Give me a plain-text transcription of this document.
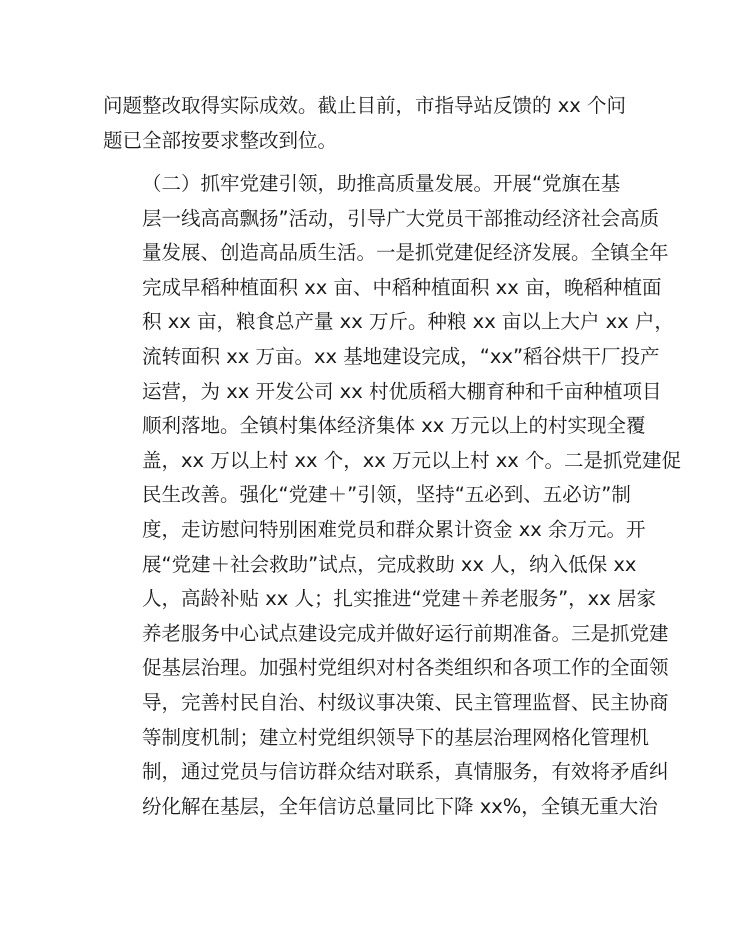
问题整改取得实际成效。截止目前，市指导站反馈的 xx 个问
题已全部按要求整改到位。
（二）抓牢党建引领，助推高质量发展。开展“党旗在基
层一线高高飘扬”活动，引导广大党员干部推动经济社会高质
量发展、创造高品质生活。一是抓党建促经济发展。全镇全年
完成早稻种植面积 xx 亩、中稻种植面积 xx 亩，晚稻种植面
积 xx 亩，粮食总产量 xx 万斤。种粮 xx 亩以上大户 xx 户，
流转面积 xx 万亩。xx 基地建设完成，“xx”稻谷烘干厂投产
运营，为 xx 开发公司 xx 村优质稻大棚育种和千亩种植项目
顺利落地。全镇村集体经济集体 xx 万元以上的村实现全覆
盖，xx 万以上村 xx 个，xx 万元以上村 xx 个。二是抓党建促
民生改善。强化“党建＋”引领，坚持“五必到、五必访”制
度，走访慰问特别困难党员和群众累计资金 xx 余万元。开
展“党建＋社会救助”试点，完成救助 xx 人，纳入低保 xx
人，高龄补贴 xx 人；扎实推进“党建＋养老服务”，xx 居家
养老服务中心试点建设完成并做好运行前期准备。三是抓党建
促基层治理。加强村党组织对村各类组织和各项工作的全面领
导，完善村民自治、村级议事决策、民主管理监督、民主协商
等制度机制；建立村党组织领导下的基层治理网格化管理机
制，通过党员与信访群众结对联系，真情服务，有效将矛盾纠
纷化解在基层，全年信访总量同比下降 xx%，全镇无重大治
